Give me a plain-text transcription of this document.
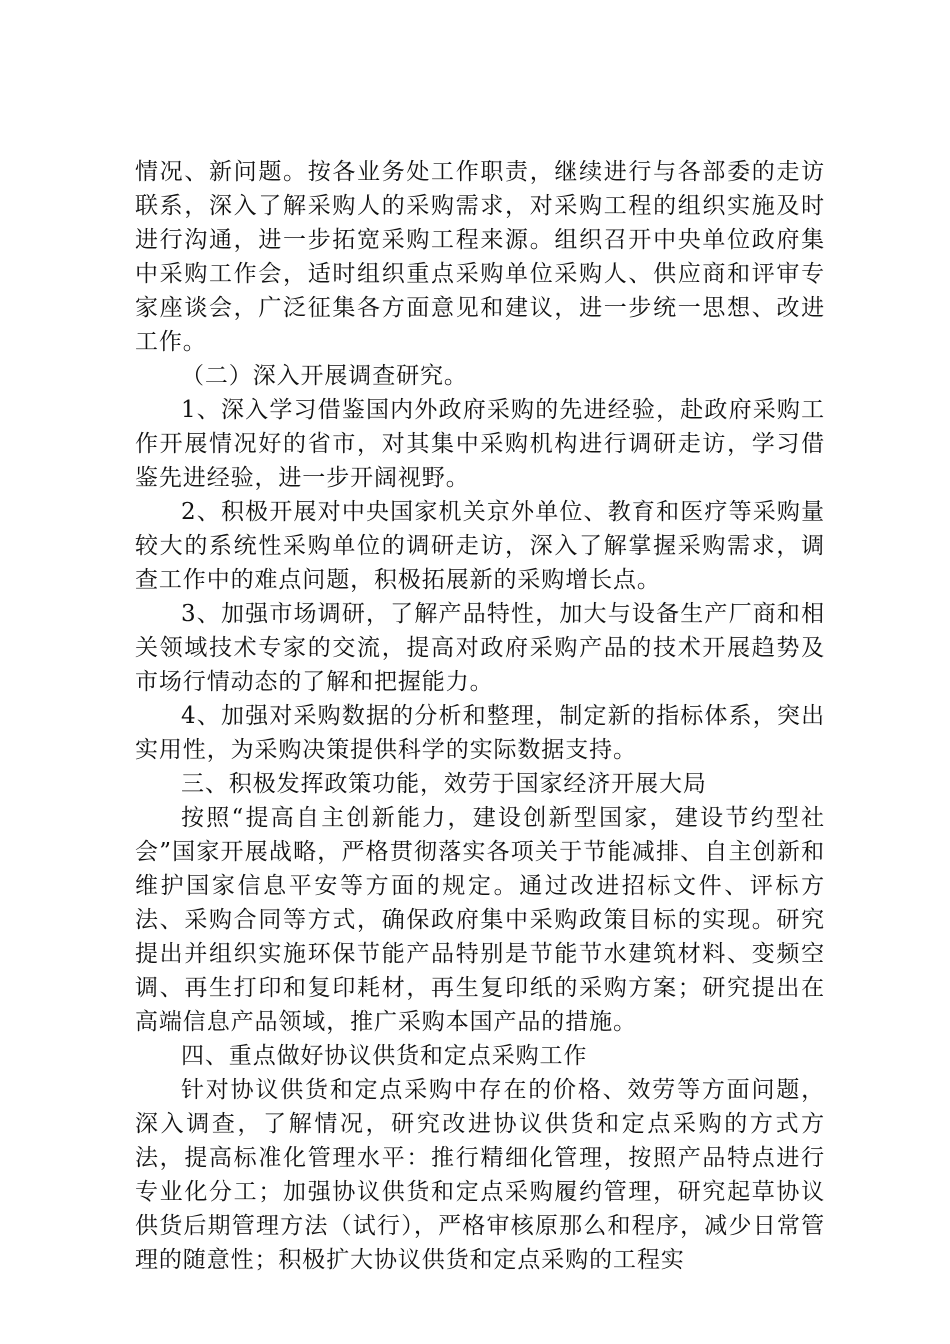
情况、新问题。按各业务处工作职责，继续进行与各部委的走访联系，深入了解采购人的采购需求，对采购工程的组织实施及时进行沟通，进一步拓宽采购工程来源。组织召开中央单位政府集中采购工作会，适时组织重点采购单位采购人、供应商和评审专家座谈会，广泛征集各方面意见和建议，进一步统一思想、改进工作。

（二）深入开展调查研究。

1、深入学习借鉴国内外政府采购的先进经验，赴政府采购工作开展情况好的省市，对其集中采购机构进行调研走访，学习借鉴先进经验，进一步开阔视野。

2、积极开展对中央国家机关京外单位、教育和医疗等采购量较大的系统性采购单位的调研走访，深入了解掌握采购需求，调查工作中的难点问题，积极拓展新的采购增长点。

3、加强市场调研，了解产品特性，加大与设备生产厂商和相关领域技术专家的交流，提高对政府采购产品的技术开展趋势及市场行情动态的了解和把握能力。

4、加强对采购数据的分析和整理，制定新的指标体系，突出实用性，为采购决策提供科学的实际数据支持。

三、积极发挥政策功能，效劳于国家经济开展大局

按照“提高自主创新能力，建设创新型国家，建设节约型社会”国家开展战略，严格贯彻落实各项关于节能减排、自主创新和维护国家信息平安等方面的规定。通过改进招标文件、评标方法、采购合同等方式，确保政府集中采购政策目标的实现。研究提出并组织实施环保节能产品特别是节能节水建筑材料、变频空调、再生打印和复印耗材，再生复印纸的采购方案；研究提出在高端信息产品领域，推广采购本国产品的措施。

四、重点做好协议供货和定点采购工作

针对协议供货和定点采购中存在的价格、效劳等方面问题，深入调查，了解情况，研究改进协议供货和定点采购的方式方法，提高标准化管理水平：推行精细化管理，按照产品特点进行专业化分工；加强协议供货和定点采购履约管理，研究起草协议供货后期管理方法（试行），严格审核原那么和程序，减少日常管理的随意性；积极扩大协议供货和定点采购的工程实
